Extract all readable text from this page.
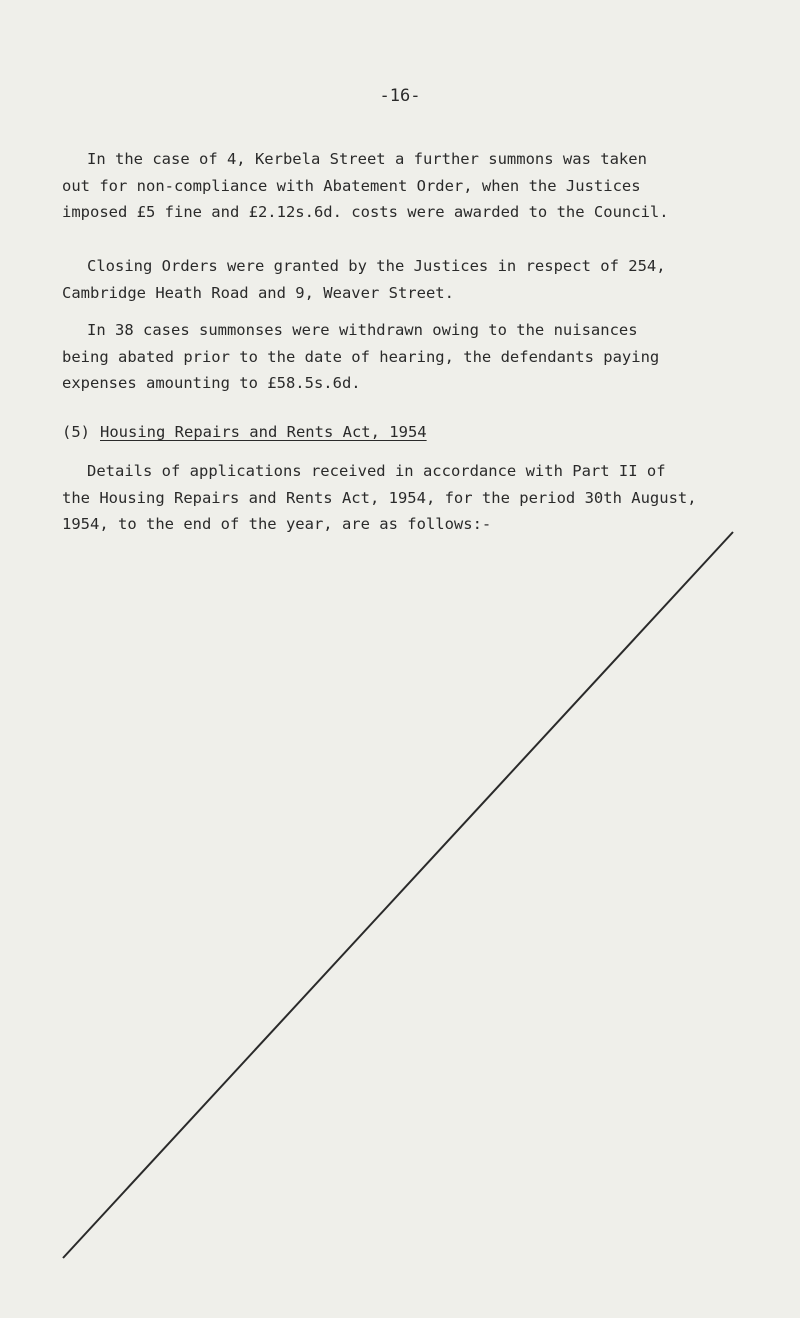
-16-

In the case of 4, Kerbela Street a further summons was taken
out for non-compliance with Abatement Order, when the Justices
imposed £5 fine and £2.12s.6d. costs were awarded to the Council.

Closing Orders were granted by the Justices in respect of 254,
Cambridge Heath Road and 9, Weaver Street.

In 38 cases summonses were withdrawn owing to the nuisances
being abated prior to the date of hearing, the defendants paying
expenses amounting to £58.5s.6d.

(5) Housing Repairs and Rents Act, 1954

Details of applications received in accordance with Part II of
the Housing Repairs and Rents Act, 1954, for the period 30th August,
1954, to the end of the year, are as follows:-
